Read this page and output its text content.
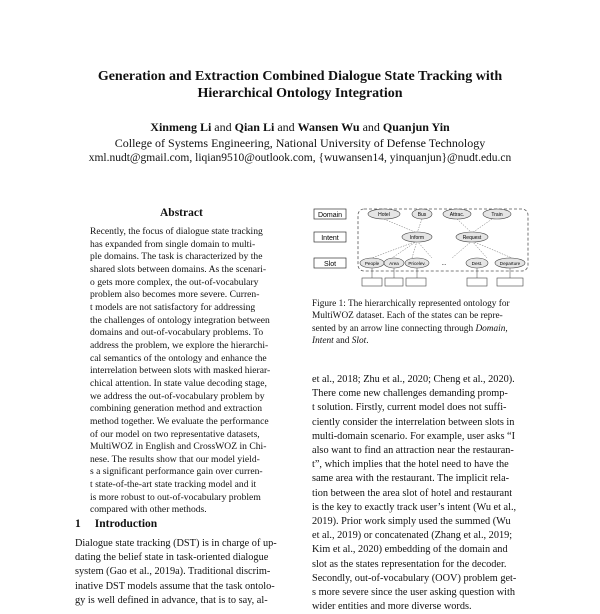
Generation and Extraction Combined Dialogue State Tracking with
Hierarchical Ontology Integration
Xinmeng Li and Qian Li and Wansen Wu and Quanjun Yin
College of Systems Engineering, National University of Defense Technology
xml.nudt@gmail.com, liqian9510@outlook.com, {wuwansen14, yinquanjun}@nudt.edu.cn
Abstract
Recently, the focus of dialogue state tracking
has expanded from single domain to multi-
ple domains. The task is characterized by the
shared slots between domains. As the scenari-
o gets more complex, the out-of-vocabulary
problem also becomes more severe. Curren-
t models are not satisfactory for addressing
the challenges of ontology integration between
domains and out-of-vocabulary problems. To
address the problem, we explore the hierarchi-
cal semantics of the ontology and enhance the
interrelation between slots with masked hierar-
chical attention. In state value decoding stage,
we address the out-of-vocabulary problem by
combining generation method and extraction
method together. We evaluate the performance
of our model on two representative datasets,
MultiWOZ in English and CrossWOZ in Chi-
nese. The results show that our model yield-
s a significant performance gain over curren-
t state-of-the-art state tracking model and it
is more robust to out-of-vocabulary problem
compared with other methods.
1 Introduction
Dialogue state tracking (DST) is in charge of up-
dating the belief state in task-oriented dialogue
system (Gao et al., 2019a). Traditional discrim-
inative DST models assume that the task ontolo-
gy is well defined in advance, that is to say, al-
Domain
Intent
Slot
Hotel	Bus	Attrac.	Train
Inform	Request
People Area Pricelev.	...	Dest.	Departure
Figure 1: The hierarchically represented ontology for
MultiWOZ dataset. Each of the states can be repre-
sented by an arrow line connecting through Domain,
Intent and Slot.
et al., 2018; Zhu et al., 2020; Cheng et al., 2020).
There come new challenges demanding promp-
t solution. Firstly, current model does not suffi-
ciently consider the interrelation between slots in
multi-domain scenario. For example, user asks “I
also want to find an attraction near the restauran-
t”, which implies that the hotel need to have the
same area with the restaurant. The implicit rela-
tion between the area slot of hotel and restaurant
is the key to exactly track user’s intent (Wu et al.,
2019). Prior work simply used the summed (Wu
et al., 2019) or concatenated (Zhang et al., 2019;
Kim et al., 2020) embedding of the domain and
slot as the states representation for the decoder.
Secondly, out-of-vocabulary (OOV) problem get-
s more severe since the user asking question with
wider entities and more diverse words.
